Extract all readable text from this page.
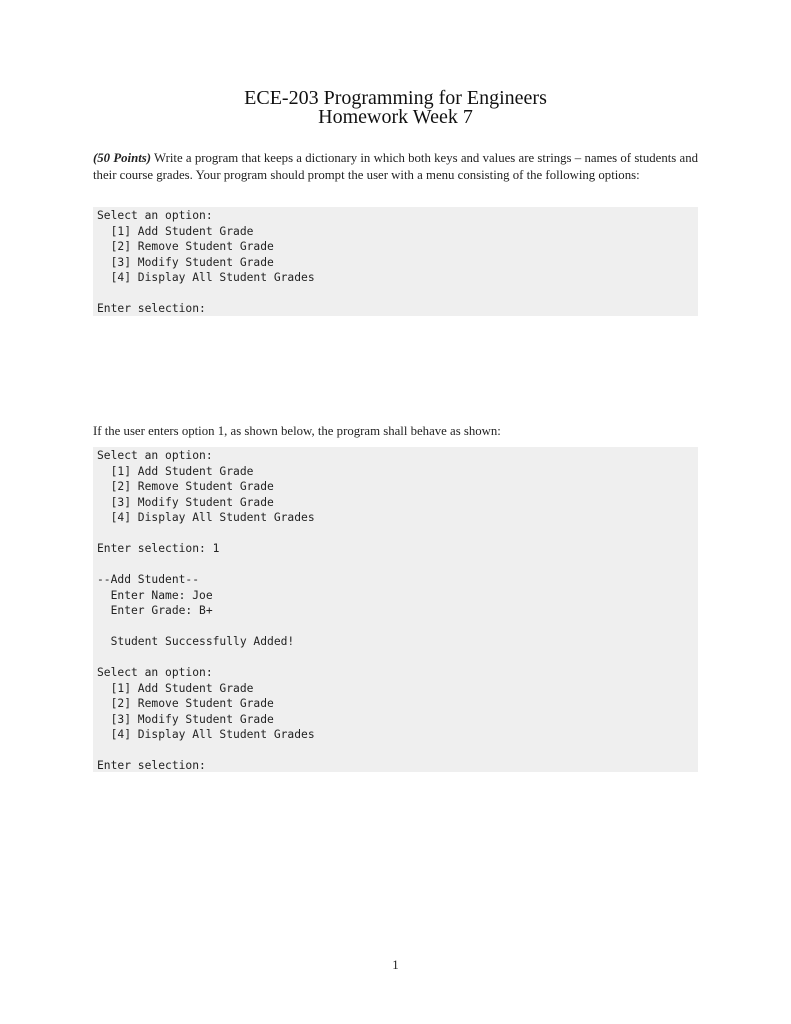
ECE-203 Programming for Engineers
Homework Week 7
(50 Points) Write a program that keeps a dictionary in which both keys and values are strings – names of students and their course grades. Your program should prompt the user with a menu consisting of the following options:
Select an option:
[1] Add Student Grade
[2] Remove Student Grade
[3] Modify Student Grade
[4] Display All Student Grades
Enter selection:
If the user enters option 1, as shown below, the program shall behave as shown:
Select an option:
[1] Add Student Grade
[2] Remove Student Grade
[3] Modify Student Grade
[4] Display All Student Grades
Enter selection: 1
--Add Student--
Enter Name: Joe
Enter Grade: B+
Student Successfully Added!
Select an option:
[1] Add Student Grade
[2] Remove Student Grade
[3] Modify Student Grade
[4] Display All Student Grades
Enter selection:
1
